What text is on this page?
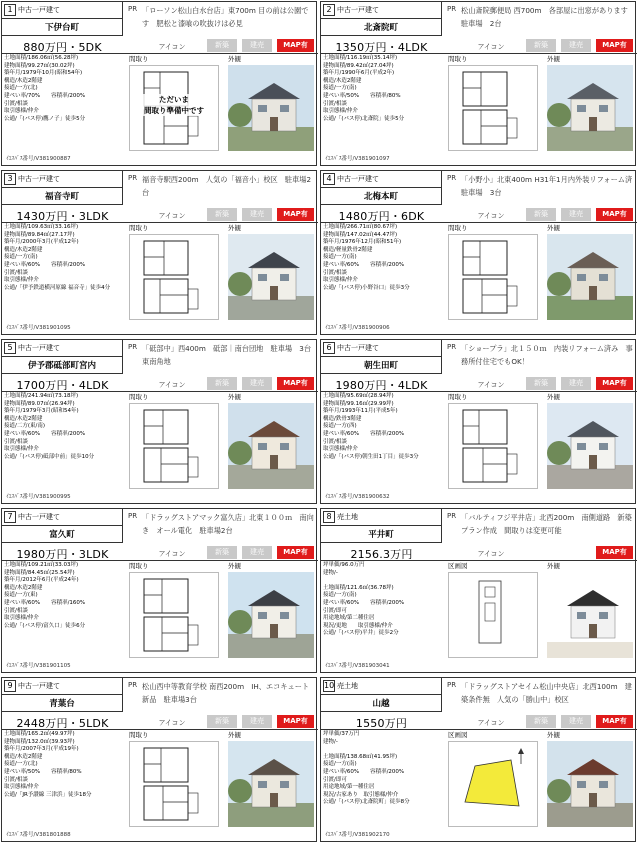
1 中古一戸建て
下伊台町
PR 「ローソン松山白水台店」東700m 目の前は公園です　肥松と漆喰の吹抜けは必見
880万円・5DK	アイコン	新築	建売	MAP有
土地面積/186.06㎡(56.28坪)
建物面積/99.27㎡(30.02坪)
築年月/1979年10月(昭和54年)
構造/木造2階建
接道/一方(北)
建ぺい率/70%　　容積率/200%
引渡/相談
取引態様/仲介
公通/「(バス停)鷹ノ子」徒歩5分
間取り	外観
ただいま
間取り準備中です
ｲｴｽﾊﾞｽ番号/V381900887
2 中古一戸建て
北斎院町
PR 松山斎院郵便局 西700m　各部屋に出窓があります　駐車場　2台
1350万円・4LDK	アイコン	新築	建売	MAP有
土地面積/116.19㎡(35.14坪)
建物面積/89.42㎡(27.04坪)
築年月/1990年6月(平成2年)
構造/木造2階建
接道/一方(南)
建ぺい率/50%　　容積率/80%
引渡/相談
取引態様/仲介
公通/「(バス停)北斎院」徒歩5分
間取り	外観
ｲｴｽﾊﾞｽ番号/V381901097
3 中古一戸建て
福音寺町
PR 福音寺駅西200m　人気の「福音小」校区　駐車場2台
1430万円・3LDK	アイコン	新築	建売	MAP有
土地面積/109.63㎡(33.16坪)
建物面積/89.84㎡(27.17坪)
築年月/2000年3月(平成12年)
構造/木造2階建
接道/一方(南)
建ぺい率/60%　　容積率/200%
引渡/相談
取引態様/仲介
公通/「伊予鉄道横河原線 福音寺」徒歩4分
間取り	外観
ｲｴｽﾊﾞｽ番号/V381901095
4 中古一戸建て
北梅本町
PR 「小野小」北東400m H31年1月内外装リフォーム済 駐車場　3台
1480万円・6DK	アイコン	新築	建売	MAP有
土地面積/266.71㎡(80.67坪)
建物面積/147.02㎡(44.47坪)
築年月/1976年12月(昭和51年)
構造/軽量鉄骨2階建
接道/一方(南)
建ぺい率/60%　　容積率/200%
引渡/相談
取引態様/仲介
公通/「(バス停)小野谷口」徒歩3分
間取り	外観
ｲｴｽﾊﾞｽ番号/V381900906
5 中古一戸建て
伊予郡砥部町宮内
PR 「砥部中」西400m　砥部｜南台団地　駐車場　3台　東南角地
1700万円・4LDK	アイコン	新築	建売	MAP有
土地面積/241.94㎡(73.18坪)
建物面積/89.07㎡(26.94坪)
築年月/1979年3月(昭和54年)
構造/木造2階建
接道/二方(東/南)
建ぺい率/60%　　容積率/200%
引渡/相談
取引態様/仲介
公通/「(バス停)砥部中前」徒歩10分
間取り	外観
ｲｴｽﾊﾞｽ番号/V381900995
6 中古一戸建て
朝生田町
PR 「ショープラ」北１５０ｍ　内装リフォーム済み　事務所付住宅でもOK！
1980万円・4LDK	アイコン	新築	建売	MAP有
土地面積/95.69㎡(28.94坪)
建物面積/99.16㎡(29.99坪)
築年月/1993年11月(平成5年)
構造/鉄骨3階建
接道/一方(西)
建ぺい率/60%　　容積率/200%
引渡/相談
取引態様/仲介
公通/「(バス停)朝生田1丁目」徒歩3分
間取り	外観
ｲｴｽﾊﾞｽ番号/V381900632
7 中古一戸建て
富久町
PR 「ドラッグストアマック富久店」北東１００ｍ　南向き　オール電化　駐車場2台
1980万円・3LDK	アイコン	新築	建売	MAP有
土地面積/109.21㎡(33.03坪)
建物面積/84.45㎡(25.54坪)
築年月/2012年6月(平成24年)
構造/木造2階建
接道/一方(東)
建ぺい率/60%　　容積率/160%
引渡/相談
取引態様/仲介
公通/「(バス停)富久口」徒歩6分
間取り	外観
ｲｴｽﾊﾞｽ番号/V381901105
8 売土地
平井町
PR 「バルティフジ平井店」北西200m　南側道路　新築プラン作成　間取りは変更可能
2156.3万円	アイコン	MAP有
坪単価/96.0万円
建物/-
土地面積/121.6㎡(36.78坪)
接道/一方(南)
建ぺい率/60%　　容積率/200%
引渡/即可
用途地域/第二種住居
現況/更地　　取引態様/仲介
公通/「(バス停)平井」徒歩2分
区画図	外観
ｲｴｽﾊﾞｽ番号/V381903041
9 中古一戸建て
青葉台
PR 松山西中等教育学校 南西200m　IH、エコキュート新品　駐車場3台
2448万円・5LDK	アイコン	新築	建売	MAP有
土地面積/165.2㎡(49.97坪)
建物面積/132.0㎡(39.93坪)
築年月/2007年3月(平成19年)
構造/木造2階建
接道/一方(北)
建ぺい率/50%　　容積率/80%
引渡/相談
取引態様/仲介
公通/「JR予讃線 三津浜」徒歩18分
間取り	外観
ｲｴｽﾊﾞｽ番号/V381801888
10 売土地
山越
PR 「ドラッグストアセイム松山中央店」北西100m　建築条件無　人気の「勝山中」校区
1550万円	アイコン	新築	建売	MAP有
坪単価/37万円
建物/-
土地面積/138.68㎡(41.95坪)
接道/一方(南)
建ぺい率/60%　　容積率/200%
引渡/即可
用途地域/第一種住居
現況/古家あり　取引態様/仲介
公通/「(バス停)北斎院町」徒歩8分
区画図	外観
ｲｴｽﾊﾞｽ番号/V381902170
